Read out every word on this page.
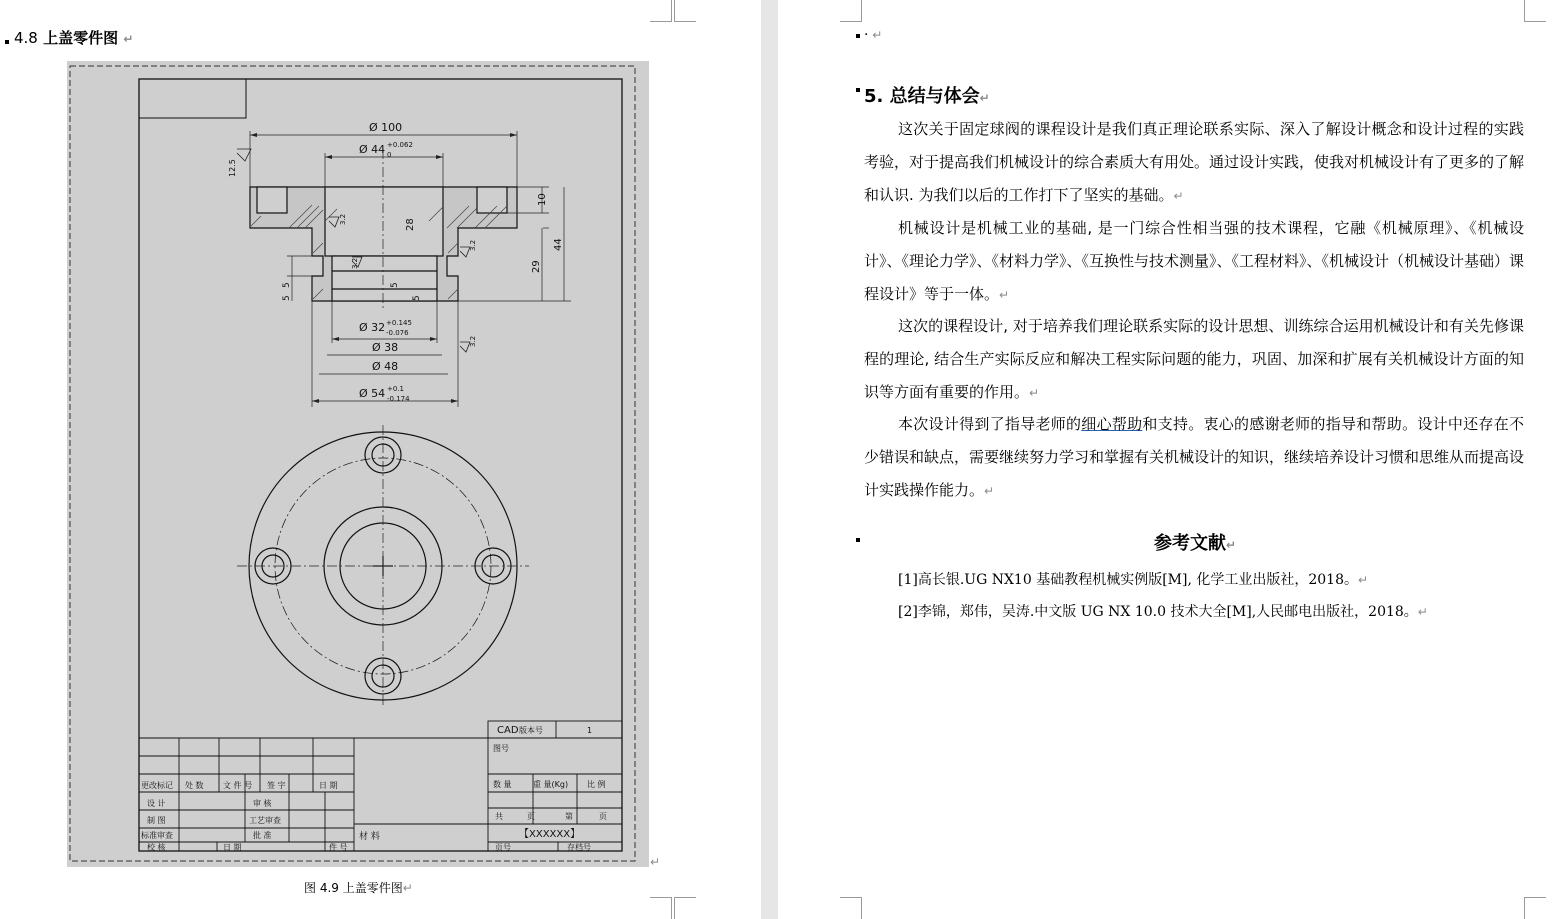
4.8 上盖零件图 ↵
Ø 100
Ø 44 +0.062
0
Ø 32 +0.145
-0.076
Ø 38
Ø 48
Ø 54 +0.1
-0.174
10
28
29
44
5
5
5
5
12.5
3.2
3.2
3.2
3.2
CAD 版本号	1
图号
数 量	重 量(Kg) 比 例
共	页	第	页
【XXXXXX】
材 料
更改标记 处 数 文 件 号 签 字	日 期
设 计	审 核
制 图	工艺审查
标准审查	批 准
校 核	日 期	件 号	页号	存档号
↵
图 4.9 上盖零件图↵
· ↵
5. 总结与体会↵
这次关于固定球阀的课程设计是我们真正理论联系实际、深入了解设计概念和设计过程的实践考验，对于提高我们机械设计的综合素质大有用处。通过设计实践，使我对机械设计有了更多的了解和认识. 为我们以后的工作打下了坚实的基础。↵
机械设计是机械工业的基础, 是一门综合性相当强的技术课程，它融《机械原理》、《机械设计》、《理论力学》、《材料力学》、《互换性与技术测量》、《工程材料》、《机械设计（机械设计基础）课程设计》等于一体。↵
这次的课程设计, 对于培养我们理论联系实际的设计思想、训练综合运用机械设计和有关先修课程的理论, 结合生产实际反应和解决工程实际问题的能力，巩固、加深和扩展有关机械设计方面的知识等方面有重要的作用。↵
本次设计得到了指导老师的细心帮助和支持。衷心的感谢老师的指导和帮助。设计中还存在不少错误和缺点，需要继续努力学习和掌握有关机械设计的知识，继续培养设计习惯和思维从而提高设计实践操作能力。↵
参考文献↵
[1]高长银.UG NX10 基础教程机械实例版[M], 化学工业出版社，2018。↵
[2]李锦，郑伟，吴涛.中文版 UG NX 10.0 技术大全[M],人民邮电出版社，2018。↵
